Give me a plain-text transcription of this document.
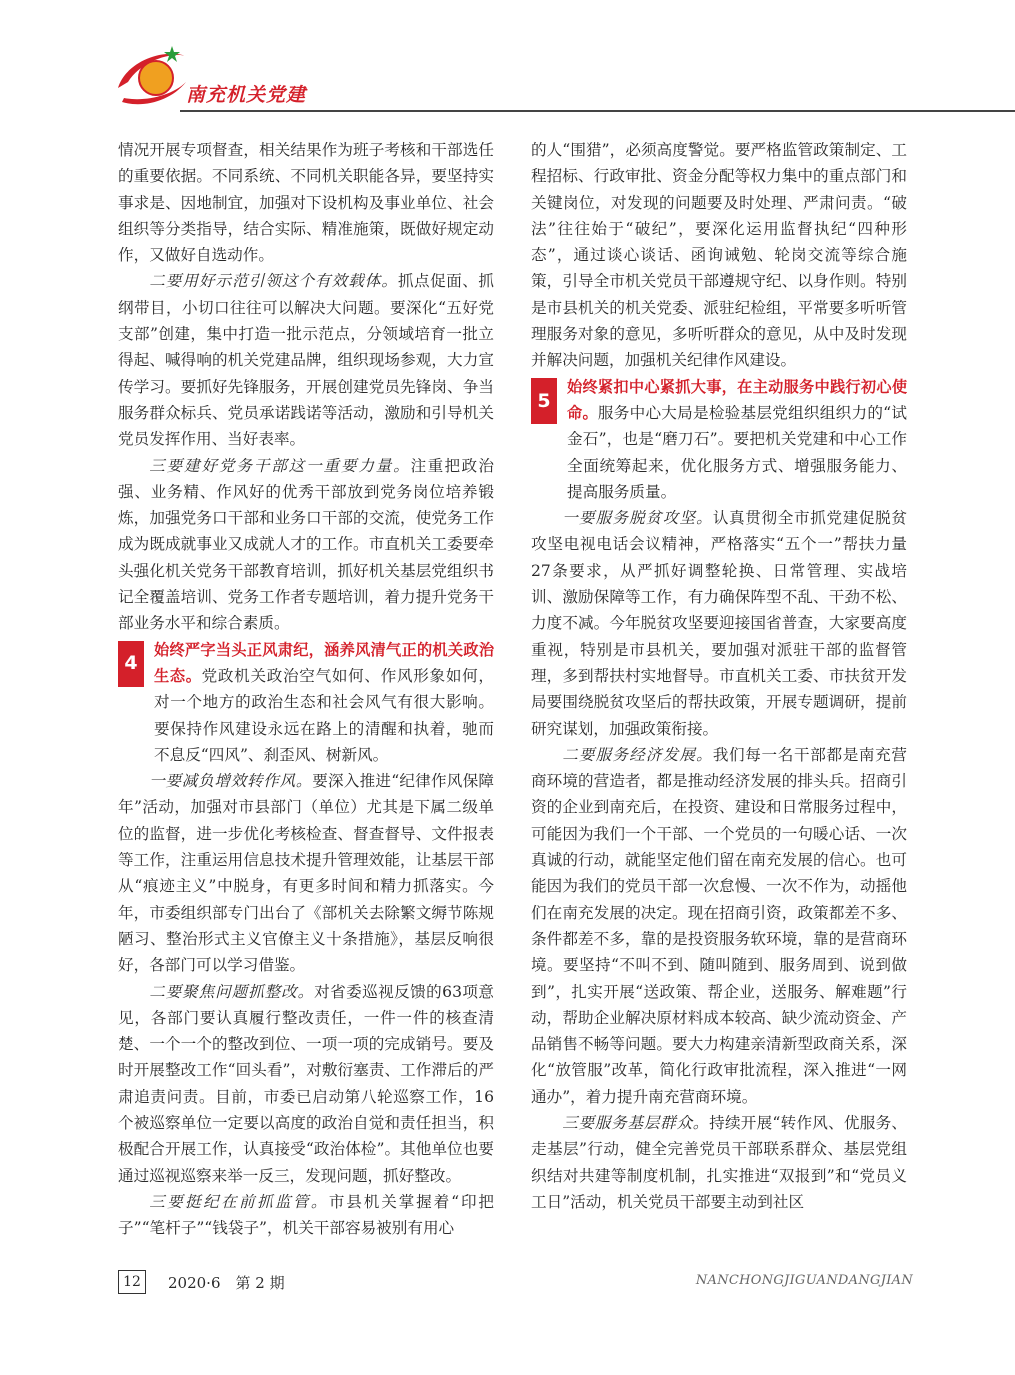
南充机关党建

情况开展专项督查，相关结果作为班子考核和干部选任的重要依据。不同系统、不同机关职能各异，要坚持实事求是、因地制宜，加强对下设机构及事业单位、社会组织等分类指导，结合实际、精准施策，既做好规定动作，又做好自选动作。

二要用好示范引领这个有效载体。抓点促面、抓纲带目，小切口往往可以解决大问题。要深化“五好党支部”创建，集中打造一批示范点，分领域培育一批立得起、喊得响的机关党建品牌，组织现场参观，大力宣传学习。要抓好先锋服务，开展创建党员先锋岗、争当服务群众标兵、党员承诺践诺等活动，激励和引导机关党员发挥作用、当好表率。

三要建好党务干部这一重要力量。注重把政治强、业务精、作风好的优秀干部放到党务岗位培养锻炼，加强党务口干部和业务口干部的交流，使党务工作成为既成就事业又成就人才的工作。市直机关工委要牵头强化机关党务干部教育培训，抓好机关基层党组织书记全覆盖培训、党务工作者专题培训，着力提升党务干部业务水平和综合素质。

4
始终严字当头正风肃纪，涵养风清气正的机关政治生态。党政机关政治空气如何、作风形象如何，对一个地方的政治生态和社会风气有很大影响。要保持作风建设永远在路上的清醒和执着，驰而不息反“四风”、刹歪风、树新风。

一要减负增效转作风。要深入推进“纪律作风保障年”活动，加强对市县部门（单位）尤其是下属二级单位的监督，进一步优化考核检查、督查督导、文件报表等工作，注重运用信息技术提升管理效能，让基层干部从“痕迹主义”中脱身，有更多时间和精力抓落实。今年，市委组织部专门出台了《部机关去除繁文缛节陈规陋习、整治形式主义官僚主义十条措施》，基层反响很好，各部门可以学习借鉴。

二要聚焦问题抓整改。对省委巡视反馈的63项意见，各部门要认真履行整改责任，一件一件的核查清楚、一个一个的整改到位、一项一项的完成销号。要及时开展整改工作“回头看”，对敷衍塞责、工作滞后的严肃追责问责。目前，市委已启动第八轮巡察工作，16个被巡察单位一定要以高度的政治自觉和责任担当，积极配合开展工作，认真接受“政治体检”。其他单位也要通过巡视巡察来举一反三，发现问题，抓好整改。

三要挺纪在前抓监管。市县机关掌握着“印把子”“笔杆子”“钱袋子”，机关干部容易被别有用心

的人“围猎”，必须高度警觉。要严格监管政策制定、工程招标、行政审批、资金分配等权力集中的重点部门和关键岗位，对发现的问题要及时处理、严肃问责。“破法”往往始于“破纪”，要深化运用监督执纪“四种形态”，通过谈心谈话、函询诫勉、轮岗交流等综合施策，引导全市机关党员干部遵规守纪、以身作则。特别是市县机关的机关党委、派驻纪检组，平常要多听听管理服务对象的意见，多听听群众的意见，从中及时发现并解决问题，加强机关纪律作风建设。

5
始终紧扣中心紧抓大事，在主动服务中践行初心使命。服务中心大局是检验基层党组织组织力的“试金石”，也是“磨刀石”。要把机关党建和中心工作全面统筹起来，优化服务方式、增强服务能力、提高服务质量。

一要服务脱贫攻坚。认真贯彻全市抓党建促脱贫攻坚电视电话会议精神，严格落实“五个一”帮扶力量27条要求，从严抓好调整轮换、日常管理、实战培训、激励保障等工作，有力确保阵型不乱、干劲不松、力度不减。今年脱贫攻坚要迎接国省普查，大家要高度重视，特别是市县机关，要加强对派驻干部的监督管理，多到帮扶村实地督导。市直机关工委、市扶贫开发局要围绕脱贫攻坚后的帮扶政策，开展专题调研，提前研究谋划，加强政策衔接。

二要服务经济发展。我们每一名干部都是南充营商环境的营造者，都是推动经济发展的排头兵。招商引资的企业到南充后，在投资、建设和日常服务过程中，可能因为我们一个干部、一个党员的一句暖心话、一次真诚的行动，就能坚定他们留在南充发展的信心。也可能因为我们的党员干部一次怠慢、一次不作为，动摇他们在南充发展的决定。现在招商引资，政策都差不多、条件都差不多，靠的是投资服务软环境，靠的是营商环境。要坚持“不叫不到、随叫随到、服务周到、说到做到”，扎实开展“送政策、帮企业，送服务、解难题”行动，帮助企业解决原材料成本较高、缺少流动资金、产品销售不畅等问题。要大力构建亲清新型政商关系，深化“放管服”改革，简化行政审批流程，深入推进“一网通办”，着力提升南充营商环境。

三要服务基层群众。持续开展“转作风、优服务、走基层”行动，健全完善党员干部联系群众、基层党组织结对共建等制度机制，扎实推进“双报到”和“党员义工日”活动，机关党员干部要主动到社区

12	2020·6　第 2 期	NANCHONGJIGUANDANGJIAN
